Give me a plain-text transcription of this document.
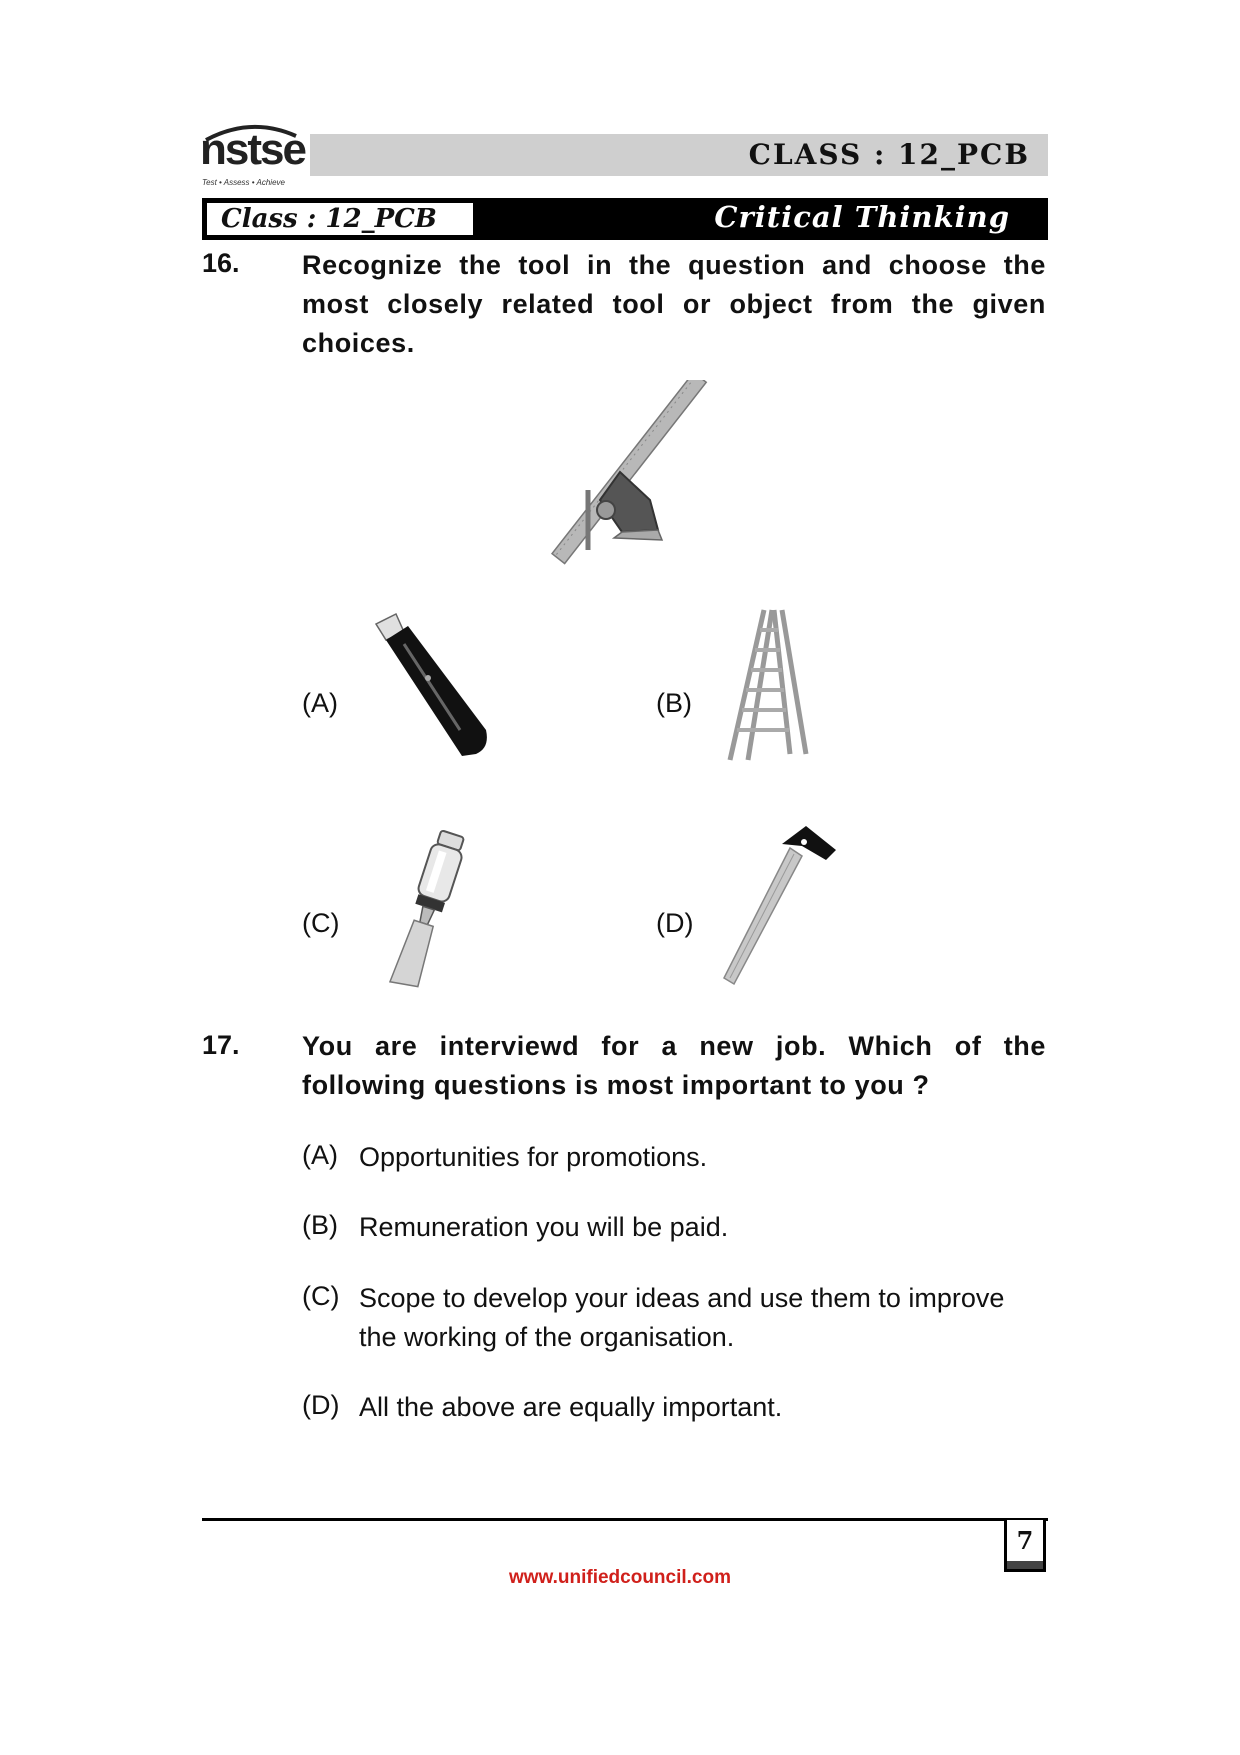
nstse
Test • Assess • Achieve
CLASS : 12_PCB
Critical Thinking
Class : 12_PCB
16. Recognize the tool in the question and choose the most closely related tool or object from the given choices.
(A)	(B)
(C)	(D)
17. You are interviewd for a new job. Which of the following questions is most important to you ?
(A) Opportunities for promotions.
(B) Remuneration you will be paid.
(C) Scope to develop your ideas and use them to improve the working of the organisation.
(D) All the above are equally important.
7
www.unifiedcouncil.com
